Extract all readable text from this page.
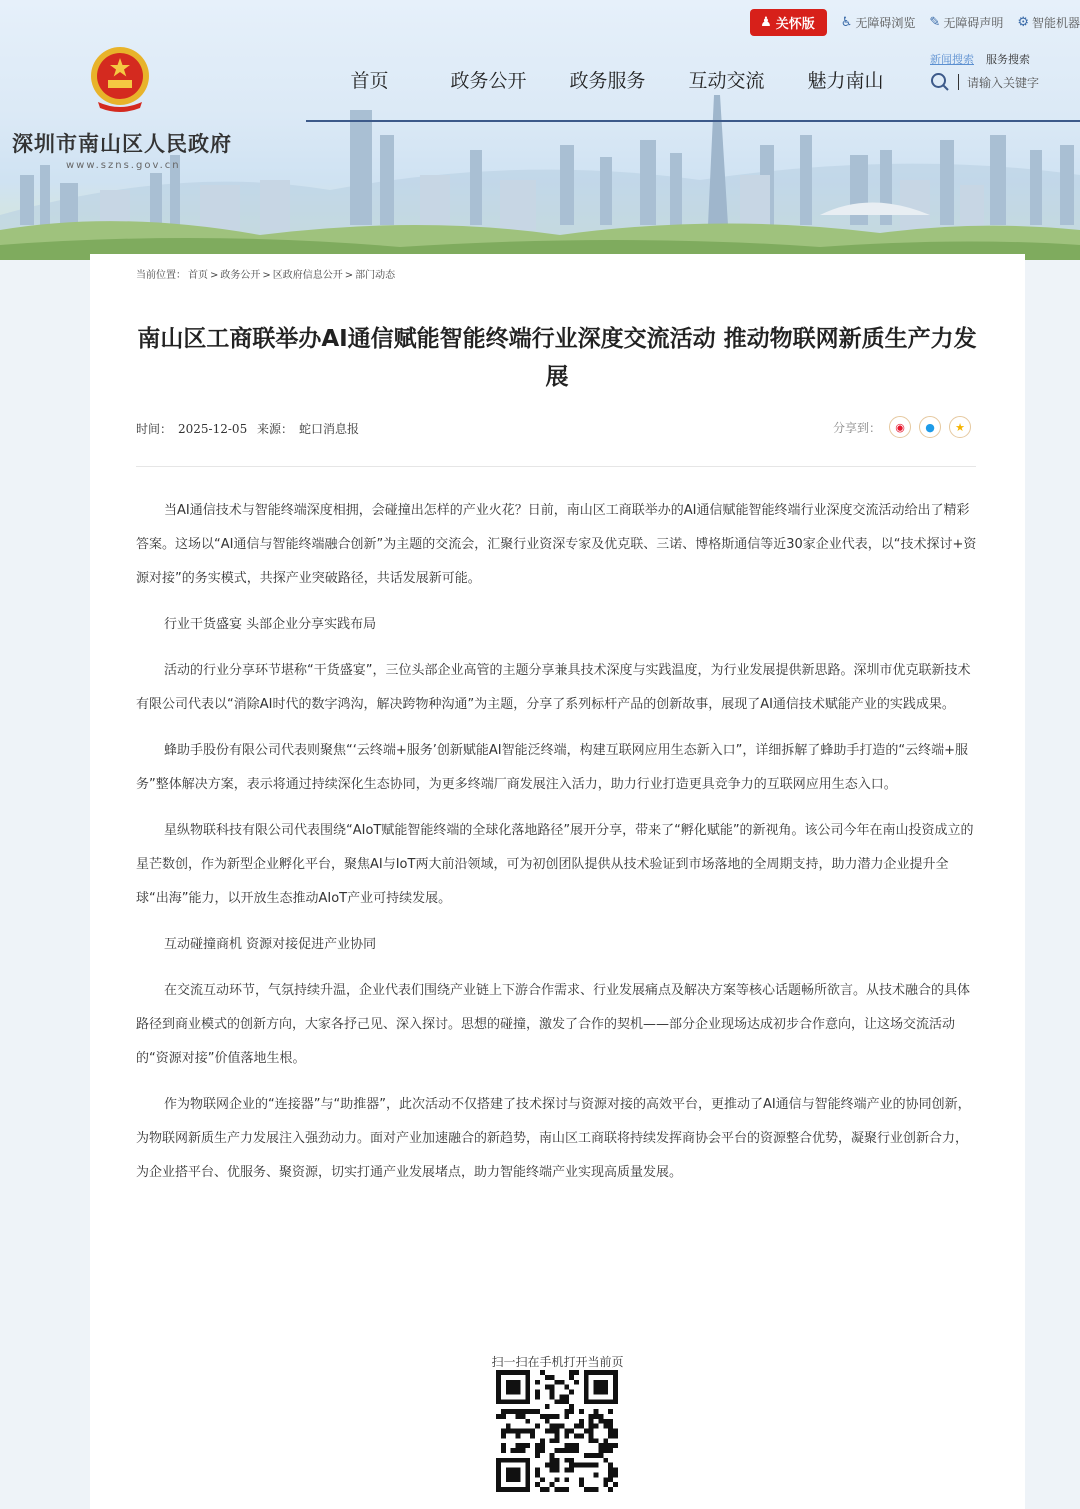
♟ 关怀版 ♿ 无障碍浏览 ✎ 无障碍声明 ⚙ 智能机器
深圳市南山区人民政府
www.szns.gov.cn
首页	政务公开	政务服务	互动交流	魅力南山
新闻搜索 服务搜索
请输入关键字
当前位置： 首页 > 政务公开 > 区政府信息公开 > 部门动态
南山区工商联举办AI通信赋能智能终端行业深度交流活动 推动物联网新质生产力发展
时间： 2025-12-05 来源： 蛇口消息报	分享到：	◉	●	★

当AI通信技术与智能终端深度相拥，会碰撞出怎样的产业火花？日前，南山区工商联举办的AI通信赋能智能终端行业深度交流活动给出了精彩答案。这场以“AI通信与智能终端融合创新”为主题的交流会，汇聚行业资深专家及优克联、三诺、博格斯通信等近30家企业代表，以“技术探讨+资源对接”的务实模式，共探产业突破路径，共话发展新可能。

行业干货盛宴 头部企业分享实践布局

活动的行业分享环节堪称“干货盛宴”，三位头部企业高管的主题分享兼具技术深度与实践温度，为行业发展提供新思路。深圳市优克联新技术有限公司代表以“消除AI时代的数字鸿沟，解决跨物种沟通”为主题，分享了系列标杆产品的创新故事，展现了AI通信技术赋能产业的实践成果。

蜂助手股份有限公司代表则聚焦“‘云终端+服务’创新赋能AI智能泛终端，构建互联网应用生态新入口”，详细拆解了蜂助手打造的“云终端+服务”整体解决方案，表示将通过持续深化生态协同，为更多终端厂商发展注入活力，助力行业打造更具竞争力的互联网应用生态入口。

星纵物联科技有限公司代表围绕“AIoT赋能智能终端的全球化落地路径”展开分享，带来了“孵化赋能”的新视角。该公司今年在南山投资成立的星芒数创，作为新型企业孵化平台，聚焦AI与IoT两大前沿领域，可为初创团队提供从技术验证到市场落地的全周期支持，助力潜力企业提升全球“出海”能力，以开放生态推动AIoT产业可持续发展。

互动碰撞商机 资源对接促进产业协同

在交流互动环节，气氛持续升温，企业代表们围绕产业链上下游合作需求、行业发展痛点及解决方案等核心话题畅所欲言。从技术融合的具体路径到商业模式的创新方向，大家各抒己见、深入探讨。思想的碰撞，激发了合作的契机——部分企业现场达成初步合作意向，让这场交流活动的“资源对接”价值落地生根。

作为物联网企业的“连接器”与“助推器”，此次活动不仅搭建了技术探讨与资源对接的高效平台，更推动了AI通信与智能终端产业的协同创新，为物联网新质生产力发展注入强劲动力。面对产业加速融合的新趋势，南山区工商联将持续发挥商协会平台的资源整合优势，凝聚行业创新合力，为企业搭平台、优服务、聚资源，切实打通产业发展堵点，助力智能终端产业实现高质量发展。

扫一扫在手机打开当前页
